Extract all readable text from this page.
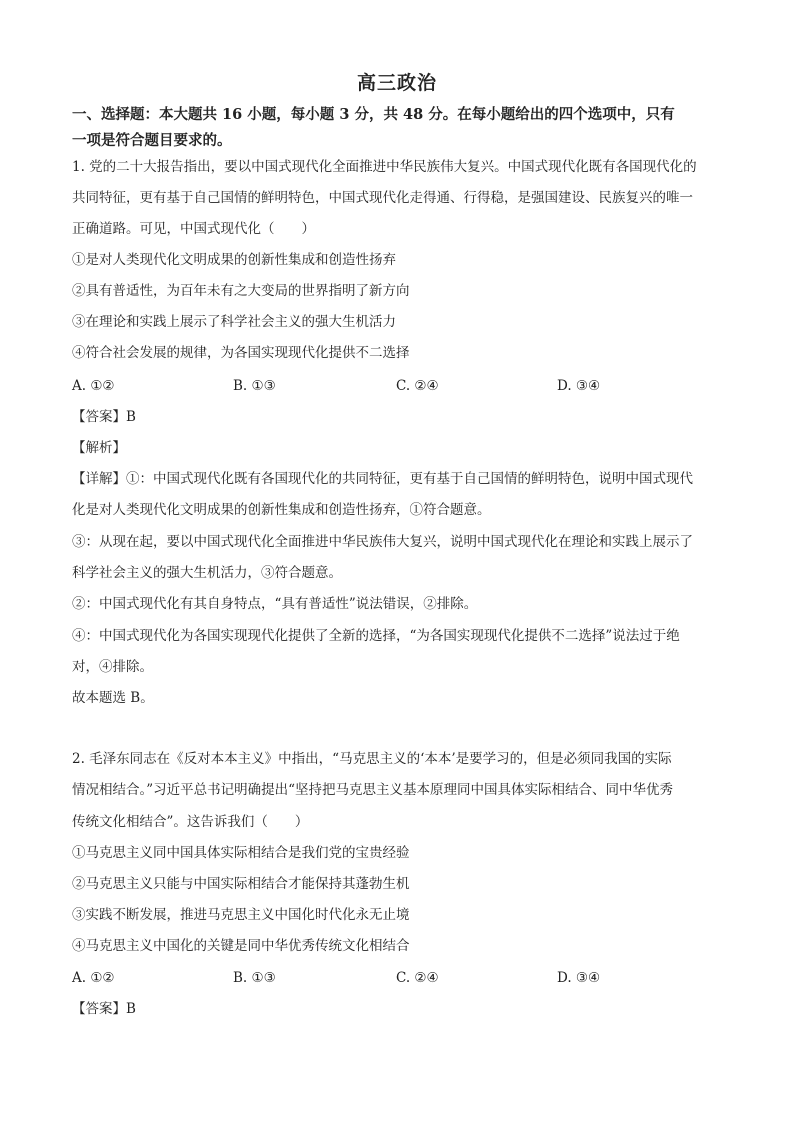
高三政治
一、选择题：本大题共 16 小题，每小题 3 分，共 48 分。在每小题给出的四个选项中，只有
一项是符合题目要求的。
1. 党的二十大报告指出，要以中国式现代化全面推进中华民族伟大复兴。中国式现代化既有各国现代化的
共同特征，更有基于自己国情的鲜明特色，中国式现代化走得通、行得稳，是强国建设、民族复兴的唯一
正确道路。可见，中国式现代化（　　）
①是对人类现代化文明成果的创新性集成和创造性扬弃
②具有普适性，为百年未有之大变局的世界指明了新方向
③在理论和实践上展示了科学社会主义的强大生机活力
④符合社会发展的规律，为各国实现现代化提供不二选择
A. ①②	B. ①③	C. ②④	D. ③④
【答案】B
【解析】
【详解】①：中国式现代化既有各国现代化的共同特征，更有基于自己国情的鲜明特色，说明中国式现代
化是对人类现代化文明成果的创新性集成和创造性扬弃，①符合题意。
③：从现在起，要以中国式现代化全面推进中华民族伟大复兴，说明中国式现代化在理论和实践上展示了
科学社会主义的强大生机活力，③符合题意。
②：中国式现代化有其自身特点，“具有普适性”说法错误，②排除。
④：中国式现代化为各国实现现代化提供了全新的选择，“为各国实现现代化提供不二选择”说法过于绝
对，④排除。
故本题选 B。
2. 毛泽东同志在《反对本本主义》中指出，“马克思主义的‘本本’是要学习的，但是必须同我国的实际
情况相结合。”习近平总书记明确提出“坚持把马克思主义基本原理同中国具体实际相结合、同中华优秀
传统文化相结合”。这告诉我们（　　）
①马克思主义同中国具体实际相结合是我们党的宝贵经验
②马克思主义只能与中国实际相结合才能保持其蓬勃生机
③实践不断发展，推进马克思主义中国化时代化永无止境
④马克思主义中国化的关键是同中华优秀传统文化相结合
A. ①②	B. ①③	C. ②④	D. ③④
【答案】B
